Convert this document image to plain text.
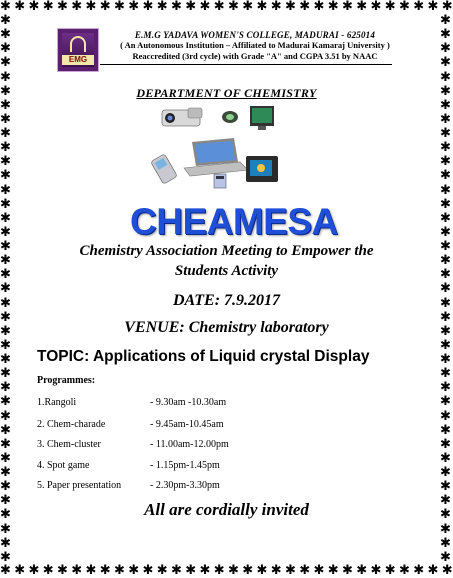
✱ ✱ ✱ ✱ ✱ ✱ ✱ ✱ ✱ ✱ ✱ ✱ ✱ ✱ ✱ ✱ ✱ ✱ ✱ ✱ ✱ ✱ ✱ ✱ ✱ ✱ ✱ ✱ ✱ ✱ ✱ ✱
✱ ✱ ✱ ✱ ✱ ✱ ✱ ✱ ✱ ✱ ✱ ✱ ✱ ✱ ✱ ✱ ✱ ✱ ✱ ✱ ✱ ✱ ✱ ✱ ✱ ✱ ✱ ✱ ✱ ✱ ✱ ✱
✱
✱
✱
✱
✱
✱
✱
✱
✱
✱
✱
✱
✱
✱
✱
✱
✱
✱
✱
✱
✱
✱
✱
✱
✱
✱
✱
✱
✱
✱
✱
✱
✱
✱
✱
✱
✱
✱
✱
✱
✱
✱
✱
✱
✱
✱
✱
✱
✱
✱
✱
✱
✱
✱
✱
✱
✱
✱
✱
✱
✱
✱
✱
✱
✱
✱
✱
✱
✱
✱
✱
✱
✱
✱
✱
✱
✱
✱
EMG
E.M.G YADAVA WOMEN'S COLLEGE, MADURAI - 625014
( An Autonomous Institution – Affiliated to Madurai Kamaraj University )
Reaccredited (3rd cycle) with Grade "A" and CGPA 3.51 by NAAC
DEPARTMENT OF CHEMISTRY
CHEAMESA
Chemistry Association Meeting to Empower the
Students Activity
DATE: 7.9.2017
VENUE: Chemistry laboratory
TOPIC: Applications of Liquid crystal Display
Programmes:
1.Rangoli	- 9.30am -10.30am
2. Chem-charade	- 9.45am-10.45am
3. Chem-cluster	- 11.00am-12.00pm
4. Spot game	- 1.15pm-1.45pm
5. Paper presentation	- 2.30pm-3.30pm
All are cordially invited
